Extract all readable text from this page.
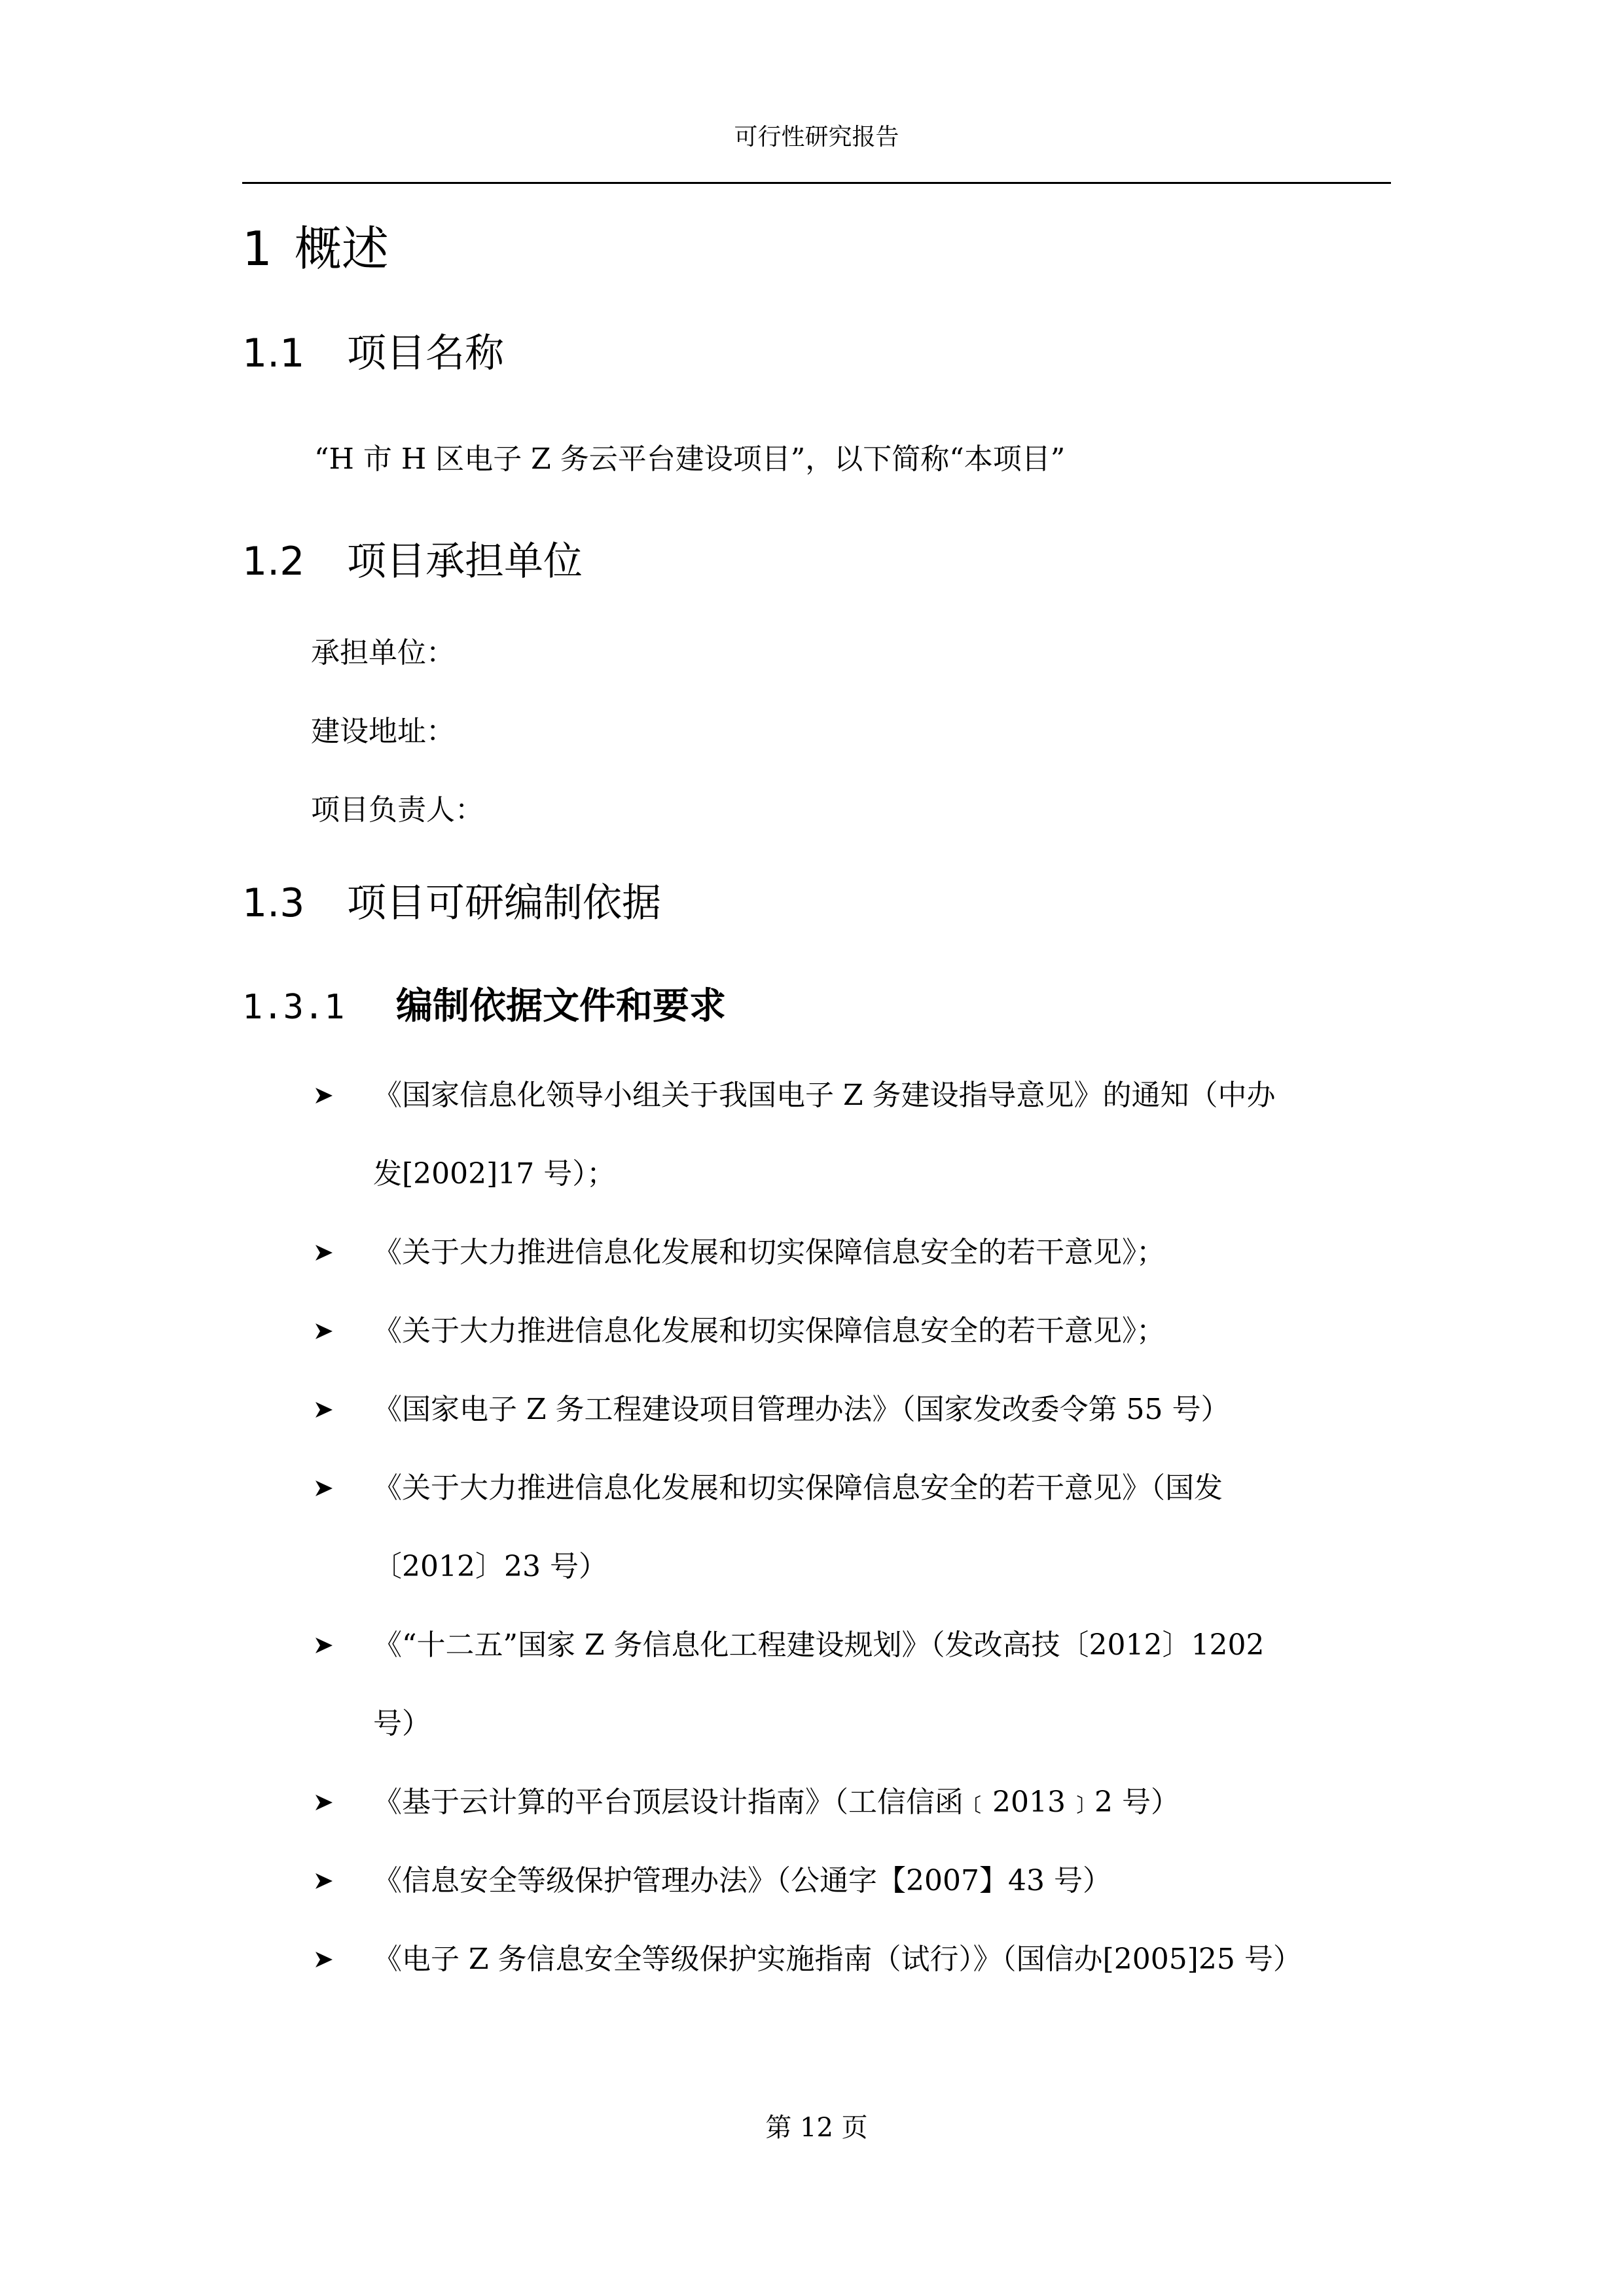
可行性研究报告
1 概述
1.1 项目名称
“H 市 H 区电子 Z 务云平台建设项目”，以下简称“本项目”
1.2 项目承担单位
承担单位：
建设地址：
项目负责人：
1.3 项目可研编制依据
1.3.1 编制依据文件和要求
《国家信息化领导小组关于我国电子 Z 务建设指导意见》的通知（中办
发[2002]17 号）；
《关于大力推进信息化发展和切实保障信息安全的若干意见》；
《关于大力推进信息化发展和切实保障信息安全的若干意见》；
《国家电子 Z 务工程建设项目管理办法》（国家发改委令第 55 号）
《关于大力推进信息化发展和切实保障信息安全的若干意见》（国发
〔2012〕23 号）
《“十二五”国家 Z 务信息化工程建设规划》（发改高技〔2012〕1202
号）
《基于云计算的平台顶层设计指南》（工信信函﹝2013﹞2 号）
《信息安全等级保护管理办法》（公通字【2007】43 号）
《电子 Z 务信息安全等级保护实施指南（试行）》（国信办[2005]25 号）
第 12 页
